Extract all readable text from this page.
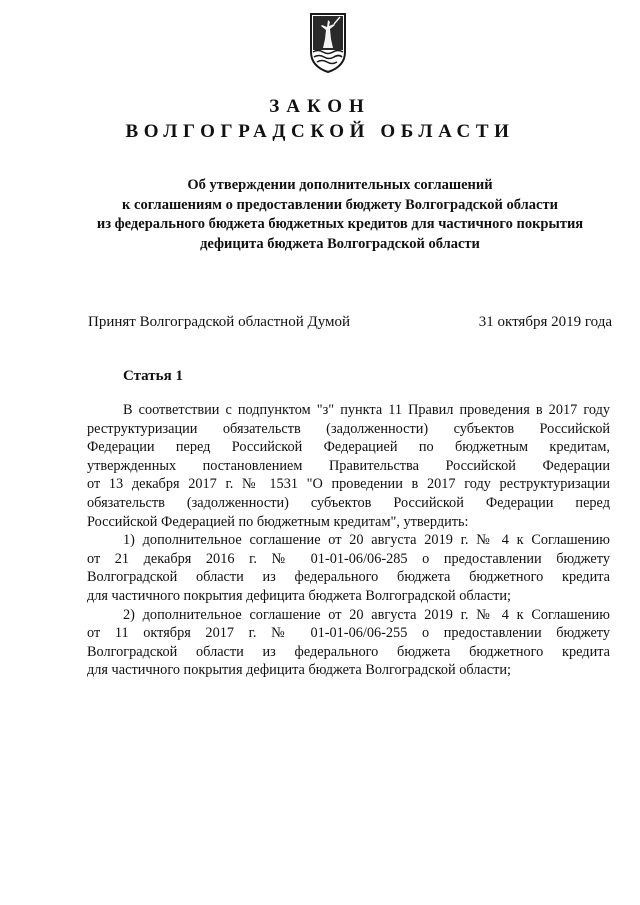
ЗАКОН
ВОЛГОГРАДСКОЙ ОБЛАСТИ
Об утверждении дополнительных соглашений
к соглашениям о предоставлении бюджету Волгоградской области
из федерального бюджета бюджетных кредитов для частичного покрытия
дефицита бюджета Волгоградской области
Принят Волгоградской областной Думой	31 октября 2019 года
Статья 1
В соответствии с подпунктом "з" пункта 11 Правил проведения в 2017 году
реструктуризации обязательств (задолженности) субъектов Российской
Федерации перед Российской Федерацией по бюджетным кредитам,
утвержденных постановлением Правительства Российской Федерации
от 13 декабря 2017 г. № 1531 "О проведении в 2017 году реструктуризации
обязательств (задолженности) субъектов Российской Федерации перед
Российской Федерацией по бюджетным кредитам", утвердить:
1) дополнительное соглашение от 20 августа 2019 г. № 4 к Соглашению
от 21 декабря 2016 г. № 01-01-06/06-285 о предоставлении бюджету
Волгоградской области из федерального бюджета бюджетного кредита
для частичного покрытия дефицита бюджета Волгоградской области;
2) дополнительное соглашение от 20 августа 2019 г. № 4 к Соглашению
от 11 октября 2017 г. № 01-01-06/06-255 о предоставлении бюджету
Волгоградской области из федерального бюджета бюджетного кредита
для частичного покрытия дефицита бюджета Волгоградской области;
